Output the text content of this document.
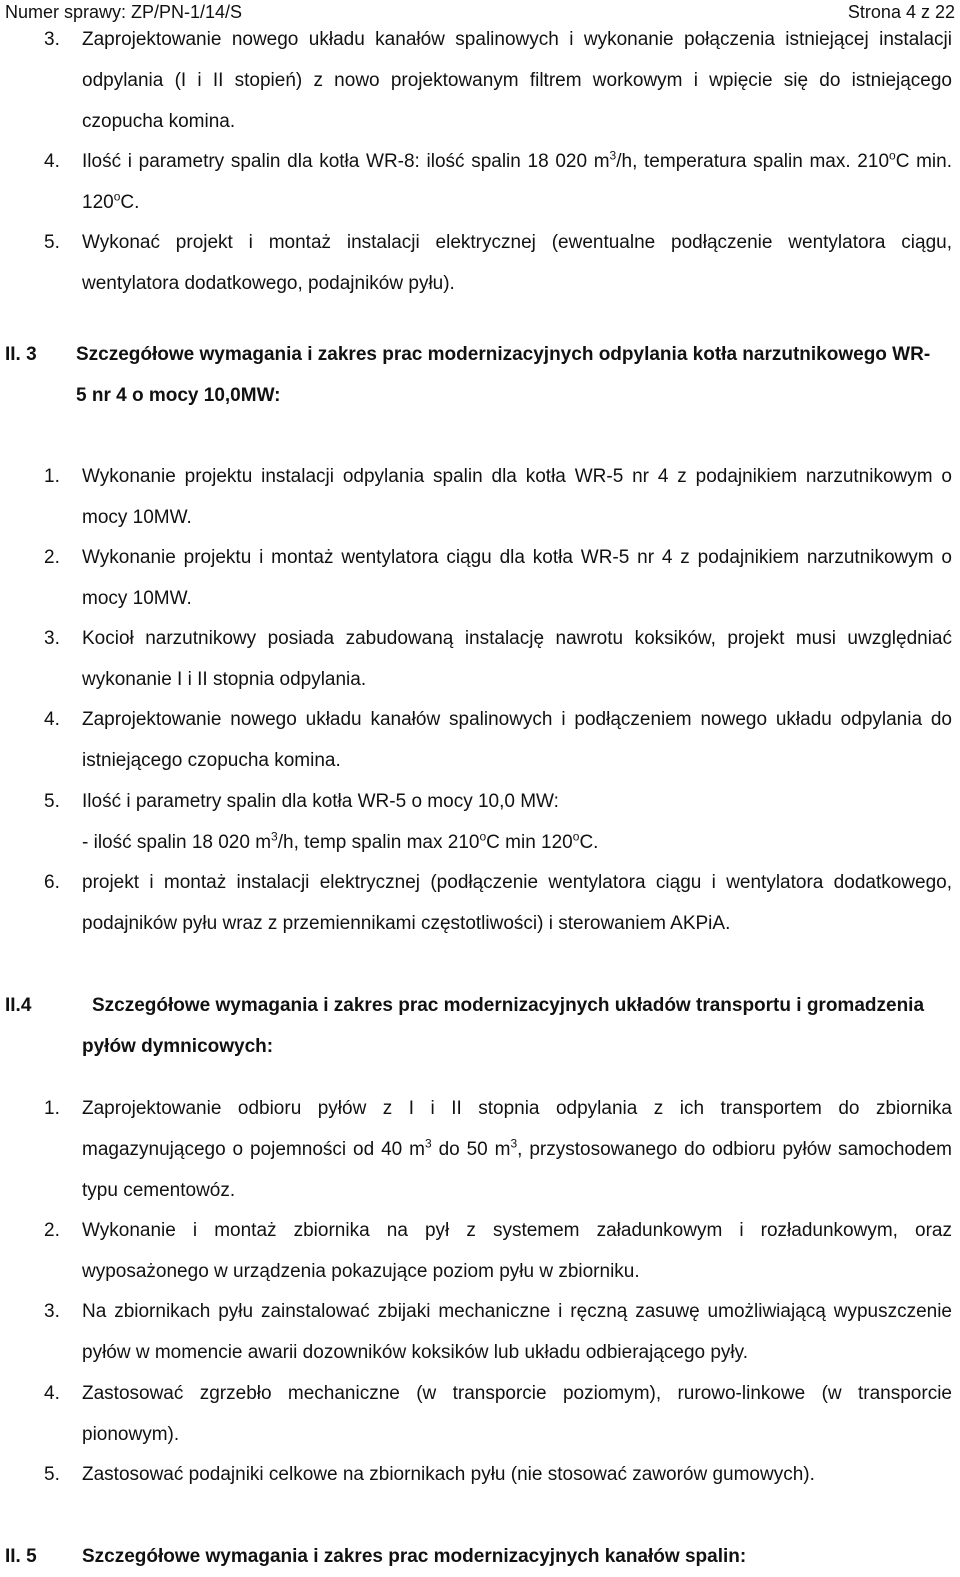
Numer sprawy: ZP/PN-1/14/S	Strona 4 z 22
3. Zaprojektowanie nowego układu kanałów spalinowych i wykonanie połączenia istniejącej instalacji odpylania (I i II stopień) z nowo projektowanym filtrem workowym i wpięcie się do istniejącego czopucha komina.
4. Ilość i parametry spalin dla kotła WR-8: ilość spalin 18 020 $m^3/h$, temperatura spalin max. 210$^o$C min. 120$^o$C.
5. Wykonać projekt i montaż instalacji elektrycznej (ewentualne podłączenie wentylatora ciągu, wentylatora dodatkowego, podajników pyłu).
II. 3 Szczegółowe wymagania i zakres prac modernizacyjnych odpylania kotła narzutnikowego WR-
5 nr 4 o mocy 10,0MW:
1. Wykonanie projektu instalacji odpylania spalin dla kotła WR-5 nr 4 z podajnikiem narzutnikowym o mocy 10MW.
2. Wykonanie projektu i montaż wentylatora ciągu dla kotła WR-5 nr 4 z podajnikiem narzutnikowym o mocy 10MW.
3. Kocioł narzutnikowy posiada zabudowaną instalację nawrotu koksików, projekt musi uwzględniać wykonanie I i II stopnia odpylania.
4. Zaprojektowanie nowego układu kanałów spalinowych i podłączeniem nowego układu odpylania do istniejącego czopucha komina.
5. Ilość i parametry spalin dla kotła WR-5 o mocy 10,0 MW:
- ilość spalin 18 020 $m^3/h$, temp spalin max 210$^o$C min 120$^o$C.
6. projekt i montaż instalacji elektrycznej (podłączenie wentylatora ciągu i wentylatora dodatkowego, podajników pyłu wraz z przemiennikami częstotliwości) i sterowaniem AKPiA.
II.4	Szczegółowe wymagania i zakres prac modernizacyjnych układów transportu i gromadzenia
pyłów dymnicowych:
1. Zaprojektowanie odbioru pyłów z I i II stopnia odpylania z ich transportem do zbiornika magazynującego o pojemności od 40 $m^3$ do 50 $m^3$, przystosowanego do odbioru pyłów samochodem typu cementowóz.
2. Wykonanie i montaż zbiornika na pył z systemem załadunkowym i rozładunkowym, oraz wyposażonego w urządzenia pokazujące poziom pyłu w zbiorniku.
3. Na zbiornikach pyłu zainstalować zbijaki mechaniczne i ręczną zasuwę umożliwiającą wypuszczenie pyłów w momencie awarii dozowników koksików lub układu odbierającego pyły.
4. Zastosować zgrzebło mechaniczne (w transporcie poziomym), rurowo-linkowe (w transporcie pionowym).
5. Zastosować podajniki celkowe na zbiornikach pyłu (nie stosować zaworów gumowych).
II. 5 Szczegółowe wymagania i zakres prac modernizacyjnych kanałów spalin:
